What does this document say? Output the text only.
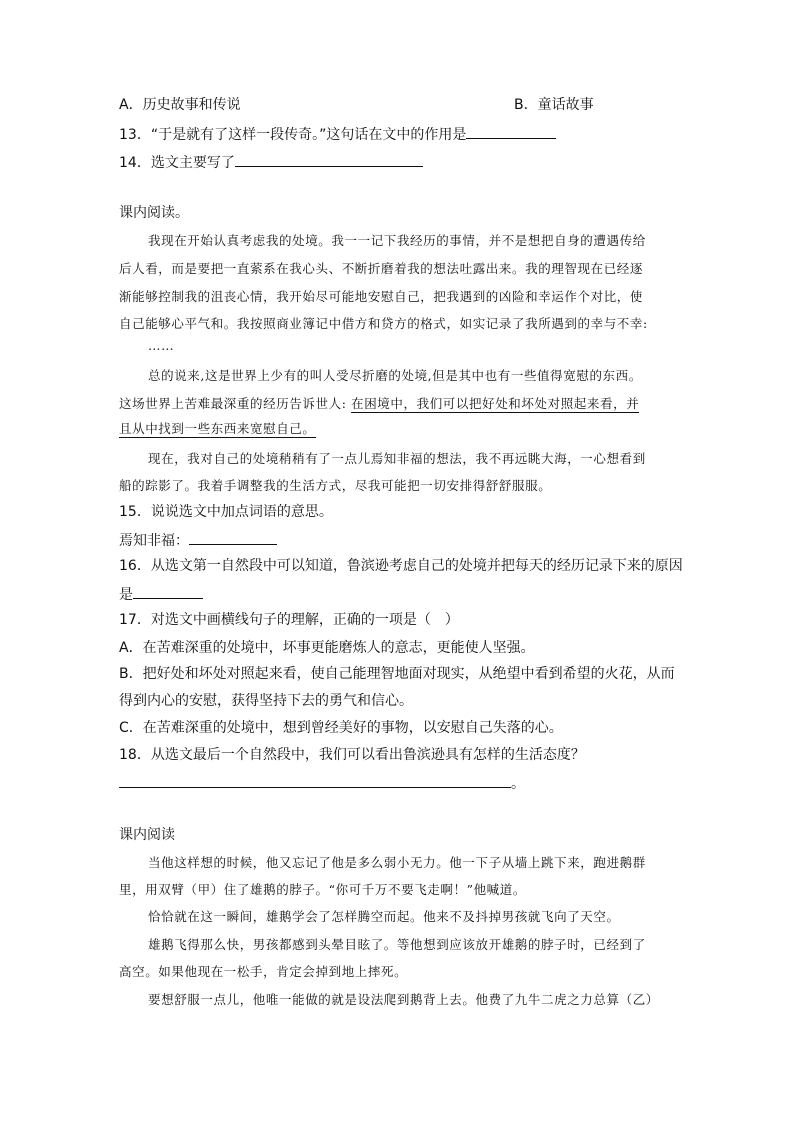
A．历史故事和传说	B．童话故事
13．“于是就有了这样一段传奇。”这句话在文中的作用是
14．选文主要写了
课内阅读。
我现在开始认真考虑我的处境。我一一记下我经历的事情，并不是想把自身的遭遇传给
后人看，而是要把一直萦系在我心头、不断折磨着我的想法吐露出来。我的理智现在已经逐
渐能够控制我的沮丧心情，我开始尽可能地安慰自己，把我遇到的凶险和幸运作个对比，使
自己能够心平气和。我按照商业簿记中借方和贷方的格式，如实记录了我所遇到的幸与不幸:
……
总的说来,这是世界上少有的叫人受尽折磨的处境,但是其中也有一些值得宽慰的东西。
这场世界上苦难最深重的经历告诉世人: 在困境中，我们可以把好处和坏处对照起来看，并
且从中找到一些东西来宽慰自己。
现在，我对自己的处境稍稍有了一点儿焉知非福的想法，我不再远眺大海，一心想看到
船的踪影了。我着手调整我的生活方式，尽我可能把一切安排得舒舒服服。
15．说说选文中加点词语的意思。
焉知非福：
16．从选文第一自然段中可以知道，鲁滨逊考虑自己的处境并把每天的经历记录下来的原因
是
17．对选文中画横线句子的理解，正确的一项是（　）
A．在苦难深重的处境中，坏事更能磨炼人的意志，更能使人坚强。
B．把好处和坏处对照起来看，使自己能理智地面对现实，从绝望中看到希望的火花，从而
得到内心的安慰，获得坚持下去的勇气和信心。
C．在苦难深重的处境中，想到曾经美好的事物，以安慰自己失落的心。
18．从选文最后一个自然段中，我们可以看出鲁滨逊具有怎样的生活态度？
。
课内阅读
当他这样想的时候，他又忘记了他是多么弱小无力。他一下子从墙上跳下来，跑进鹅群
里，用双臂（甲）住了雄鹅的脖子。“你可千万不要飞走啊！”他喊道。
恰恰就在这一瞬间，雄鹅学会了怎样腾空而起。他来不及抖掉男孩就飞向了天空。
雄鹅飞得那么快，男孩都感到头晕目眩了。等他想到应该放开雄鹅的脖子时，已经到了
高空。如果他现在一松手，肯定会掉到地上摔死。
要想舒服一点儿，他唯一能做的就是设法爬到鹅背上去。他费了九牛二虎之力总算（乙）
